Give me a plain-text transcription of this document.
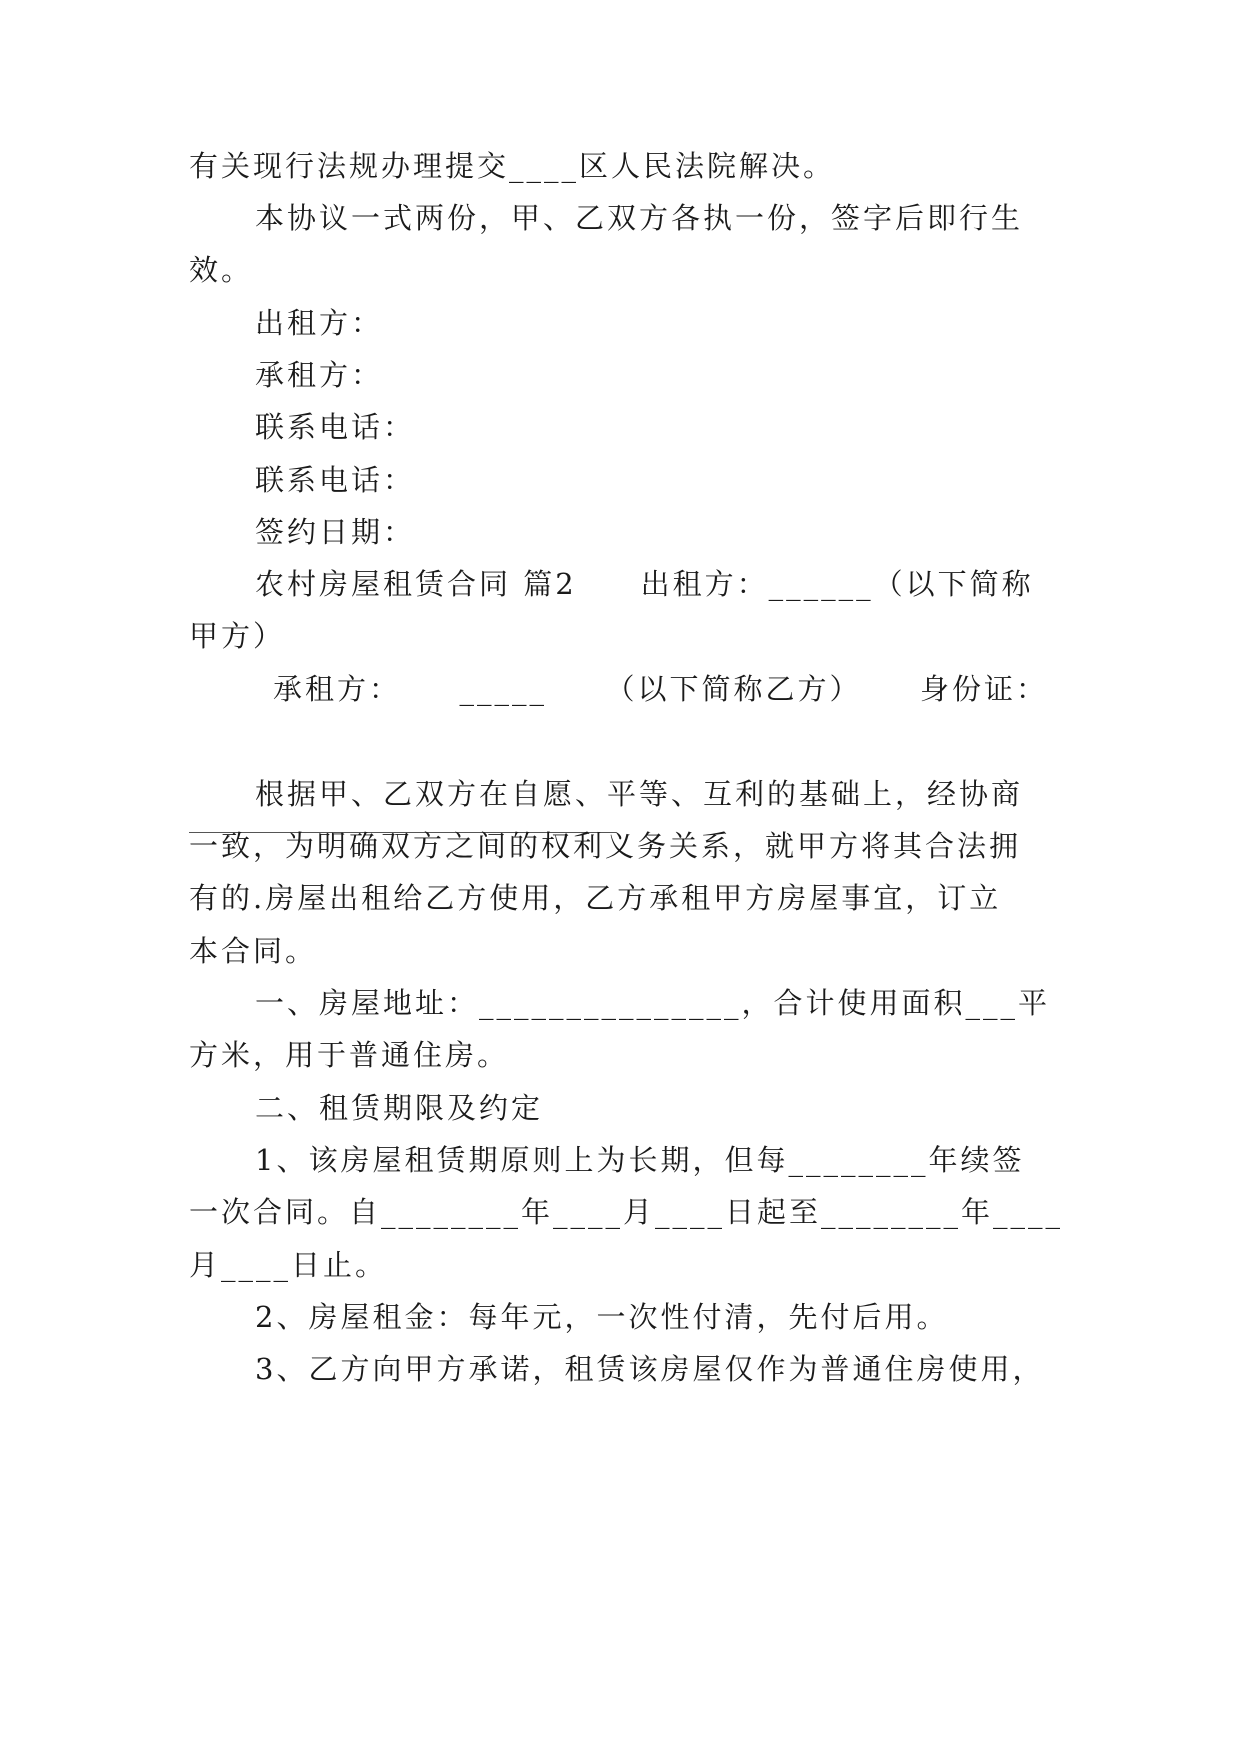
有关现行法规办理提交____区人民法院解决。
本协议一式两份，甲、乙双方各执一份，签字后即行生
效。
出租方：
承租方：
联系电话：
联系电话：
签约日期：
农村房屋租赁合同 篇2　　出租方：______（以下简称
甲方）
承租方： _____ （以下简称乙方） 身份证：
根据甲、乙双方在自愿、平等、互利的基础上，经协商
一致，为明确双方之间的权利义务关系，就甲方将其合法拥
有的.房屋出租给乙方使用，乙方承租甲方房屋事宜，订立
本合同。
一、房屋地址：_______________，合计使用面积___平
方米，用于普通住房。
二、租赁期限及约定
1、该房屋租赁期原则上为长期，但每________年续签
一次合同。自________年____月____日起至________年____
月____日止。
2、房屋租金：每年元，一次性付清，先付后用。
3、乙方向甲方承诺，租赁该房屋仅作为普通住房使用，
